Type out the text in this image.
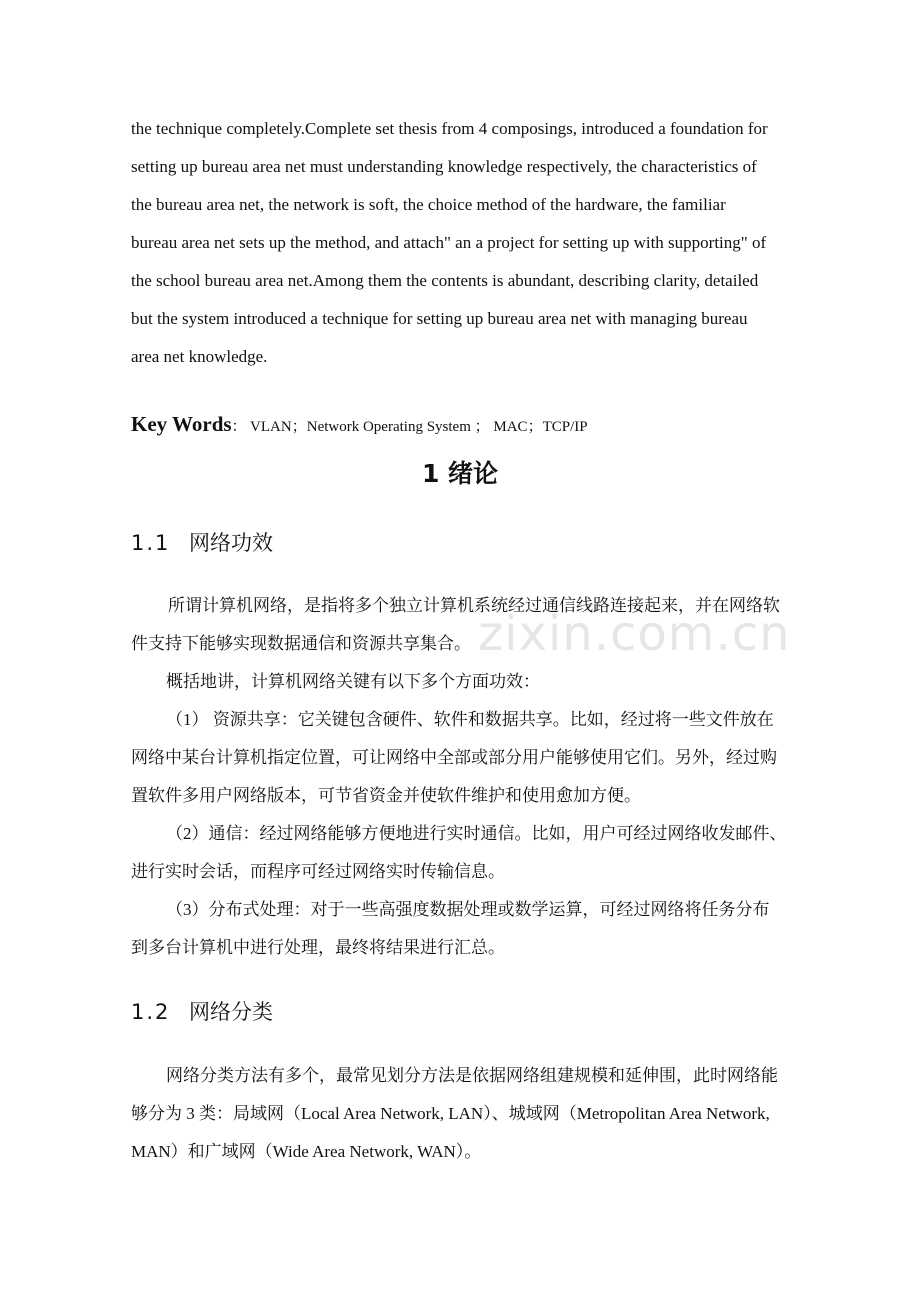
zixin.com.cn
the technique completely.Complete set thesis from 4 composings, introduced a foundation for
setting up bureau area net must understanding knowledge respectively, the characteristics of
the bureau area net, the network is soft, the choice method of the hardware, the familiar
bureau area net sets up the method, and attach" an a project for setting up with supporting" of
the school bureau area net.Among them the contents is abundant, describing clarity, detailed
but the system introduced a technique for setting up bureau area net with managing bureau
area net knowledge.
Key Words： VLAN；Network Operating System ； MAC；TCP/IP
1 绪论
1.1 网络功效
所谓计算机网络，是指将多个独立计算机系统经过通信线路连接起来，并在网络软
件支持下能够实现数据通信和资源共享集合。
概括地讲，计算机网络关键有以下多个方面功效：
（1） 资源共享：它关键包含硬件、软件和数据共享。比如，经过将一些文件放在
网络中某台计算机指定位置，可让网络中全部或部分用户能够使用它们。另外，经过购
置软件多用户网络版本，可节省资金并使软件维护和使用愈加方便。
（2）通信：经过网络能够方便地进行实时通信。比如，用户可经过网络收发邮件、
进行实时会话，而程序可经过网络实时传输信息。
（3）分布式处理：对于一些高强度数据处理或数学运算，可经过网络将任务分布
到多台计算机中进行处理，最终将结果进行汇总。
1.2 网络分类
网络分类方法有多个，最常见划分方法是依据网络组建规模和延伸围，此时网络能
够分为 3 类：局域网（Local Area Network, LAN）、城域网（Metropolitan Area Network,
MAN）和广域网（Wide Area Network, WAN）。
